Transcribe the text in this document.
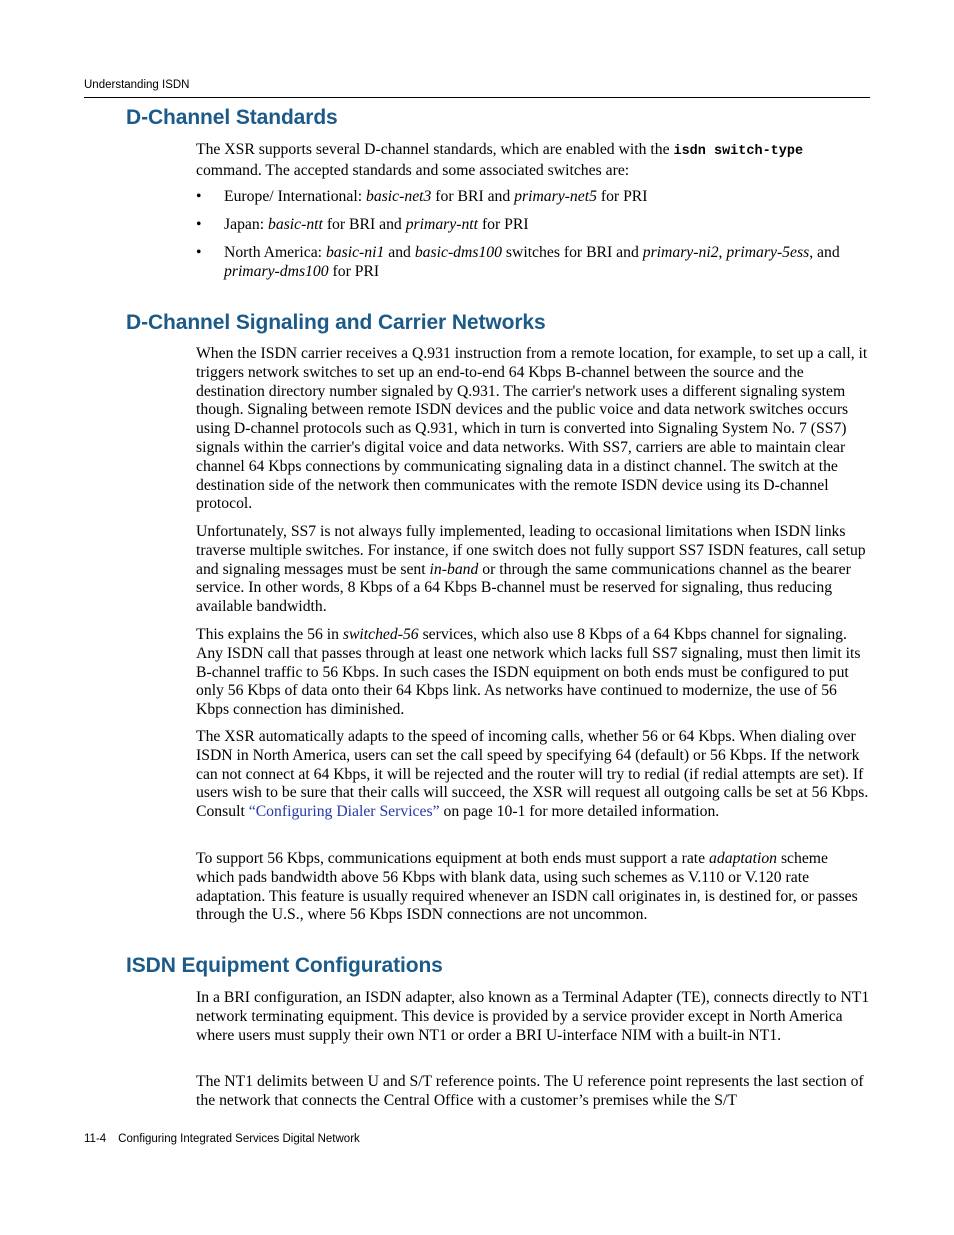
Understanding ISDN
D-Channel Standards

The XSR supports several D-channel standards, which are enabled with the isdn switch-type
command. The accepted standards and some associated switches are:

• Europe/ International: basic-net3 for BRI and primary-net5 for PRI
• Japan: basic-ntt for BRI and primary-ntt for PRI
• North America: basic-ni1 and basic-dms100 switches for BRI and primary-ni2, primary-5ess, and
primary-dms100 for PRI
D-Channel Signaling and Carrier Networks

When the ISDN carrier receives a Q.931 instruction from a remote location, for example, to set up a call, it triggers network switches to set up an end-to-end 64 Kbps B-channel between the source and the destination directory number signaled by Q.931. The carrier's network uses a different signaling system though. Signaling between remote ISDN devices and the public voice and data network switches occurs using D-channel protocols such as Q.931, which in turn is converted into Signaling System No. 7 (SS7) signals within the carrier's digital voice and data networks. With SS7, carriers are able to maintain clear channel 64 Kbps connections by communicating signaling data in a distinct channel. The switch at the destination side of the network then communicates with the remote ISDN device using its D-channel protocol.

Unfortunately, SS7 is not always fully implemented, leading to occasional limitations when ISDN links traverse multiple switches. For instance, if one switch does not fully support SS7 ISDN features, call setup and signaling messages must be sent in-band or through the same communications channel as the bearer service. In other words, 8 Kbps of a 64 Kbps B-channel must be reserved for signaling, thus reducing available bandwidth.

This explains the 56 in switched-56 services, which also use 8 Kbps of a 64 Kbps channel for signaling. Any ISDN call that passes through at least one network which lacks full SS7 signaling, must then limit its B-channel traffic to 56 Kbps. In such cases the ISDN equipment on both ends must be configured to put only 56 Kbps of data onto their 64 Kbps link. As networks have continued to modernize, the use of 56 Kbps connection has diminished.

The XSR automatically adapts to the speed of incoming calls, whether 56 or 64 Kbps. When dialing over ISDN in North America, users can set the call speed by specifying 64 (default) or 56 Kbps. If the network can not connect at 64 Kbps, it will be rejected and the router will try to redial (if redial attempts are set). If users wish to be sure that their calls will succeed, the XSR will request all outgoing calls be set at 56 Kbps. Consult “Configuring Dialer Services” on page 10-1 for more detailed information.

To support 56 Kbps, communications equipment at both ends must support a rate adaptation scheme which pads bandwidth above 56 Kbps with blank data, using such schemes as V.110 or V.120 rate adaptation. This feature is usually required whenever an ISDN call originates in, is destined for, or passes through the U.S., where 56 Kbps ISDN connections are not uncommon.

ISDN Equipment Configurations

In a BRI configuration, an ISDN adapter, also known as a Terminal Adapter (TE), connects directly to NT1 network terminating equipment. This device is provided by a service provider except in North America where users must supply their own NT1 or order a BRI U-interface NIM with a built-in NT1.

The NT1 delimits between U and S/T reference points. The U reference point represents the last section of the network that connects the Central Office with a customer’s premises while the S/T

11-4 Configuring Integrated Services Digital Network
